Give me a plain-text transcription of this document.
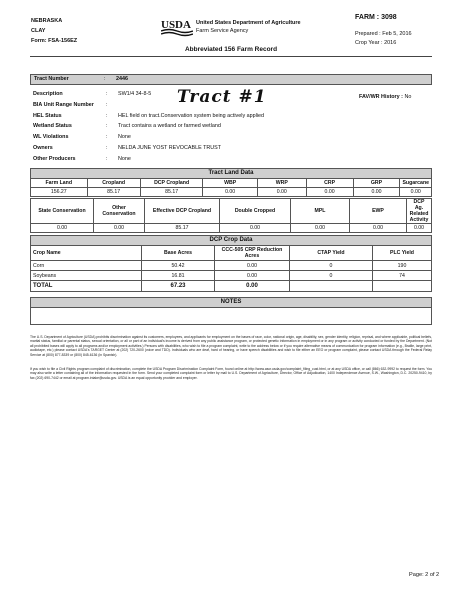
NEBRASKA
CLAY
Form: FSA-156EZ
USDA United States Department of Agriculture
Farm Service Agency
FARM : 3098
Prepared : Feb 5, 2016
Crop Year : 2016
Abbreviated 156 Farm Record
Tract Number	: 2446
Tract #1	FAV/WR History : No
Description	: SW1/4 34-8-5
BIA Unit Range Number :
HEL Status	: HEL field on tract.Conservation system being actively applied
Wetland Status	: Tract contains a wetland or farmed wetland
WL Violations	: None
Owners	: NELDA JUNE YOST REVOCABLE TRUST
Other Producers	: None
Tract Land Data
Farm Land	Cropland	DCP Cropland	WBP	WRP	CRP	GRP	Sugarcane
156.27	85.17	85.17	0.00	0.00	0.00	0.00	0.00
State Conservation	Other Conservation	Effective DCP Cropland	Double Cropped	MPL	EWP	DCP Ag. Related Activity
0.00	0.00	85.17	0.00	0.00	0.00	0.00
DCP Crop Data
Crop Name	Base Acres	CCC-505 CRP Reduction Acres	CTAP Yield	PLC Yield
Corn	50.42	0.00	0	190
Soybeans	16.81	0.00	0	74
TOTAL	67.23	0.00		
NOTES
The U.S. Department of Agriculture (USDA) prohibits discrimination against its customers, employees, and applicants for employment on the bases of race, color, national origin, age, disability, sex, gender identity, religion, reprisal, and where applicable, political beliefs, marital status, familial or parental status, sexual orientation, or all or part of an individual's income is derived from any public assistance program, or protected genetic information in employment or in any program or activity conducted or funded by the Department. (Not all prohibited bases will apply to all programs and/or employment activities.) Persons with disabilities, who wish to file a program complaint, write to the address below or if you require alternative means of communication for program information (e.g., Braille, large print, audiotape, etc.) please contact USDA's TARGET Center at (202) 720-2600 (voice and TDD). Individuals who are deaf, hard of hearing, or have speech disabilities and wish to file either an EEO or program complaint, please contact USDA through the Federal Relay Service at (800) 877-8339 or (800) 845-6136 (in Spanish).
If you wish to file a Civil Rights program complaint of discrimination, complete the USDA Program Discrimination Complaint Form, found online at http://www.ascr.usda.gov/complaint_filing_cust.html, or at any USDA office, or call (866) 632-9992 to request the form. You may also write a letter containing all of the information requested in the form. Send your completed complaint form or letter by mail to U.S. Department of Agriculture, Director, Office of Adjudication, 1400 Independence Avenue, S.W., Washington, D.C. 20250-9410, by fax (202) 690-7442 or email at program.intake@usda.gov. USDA is an equal opportunity provider and employer.
Page: 2 of 2
